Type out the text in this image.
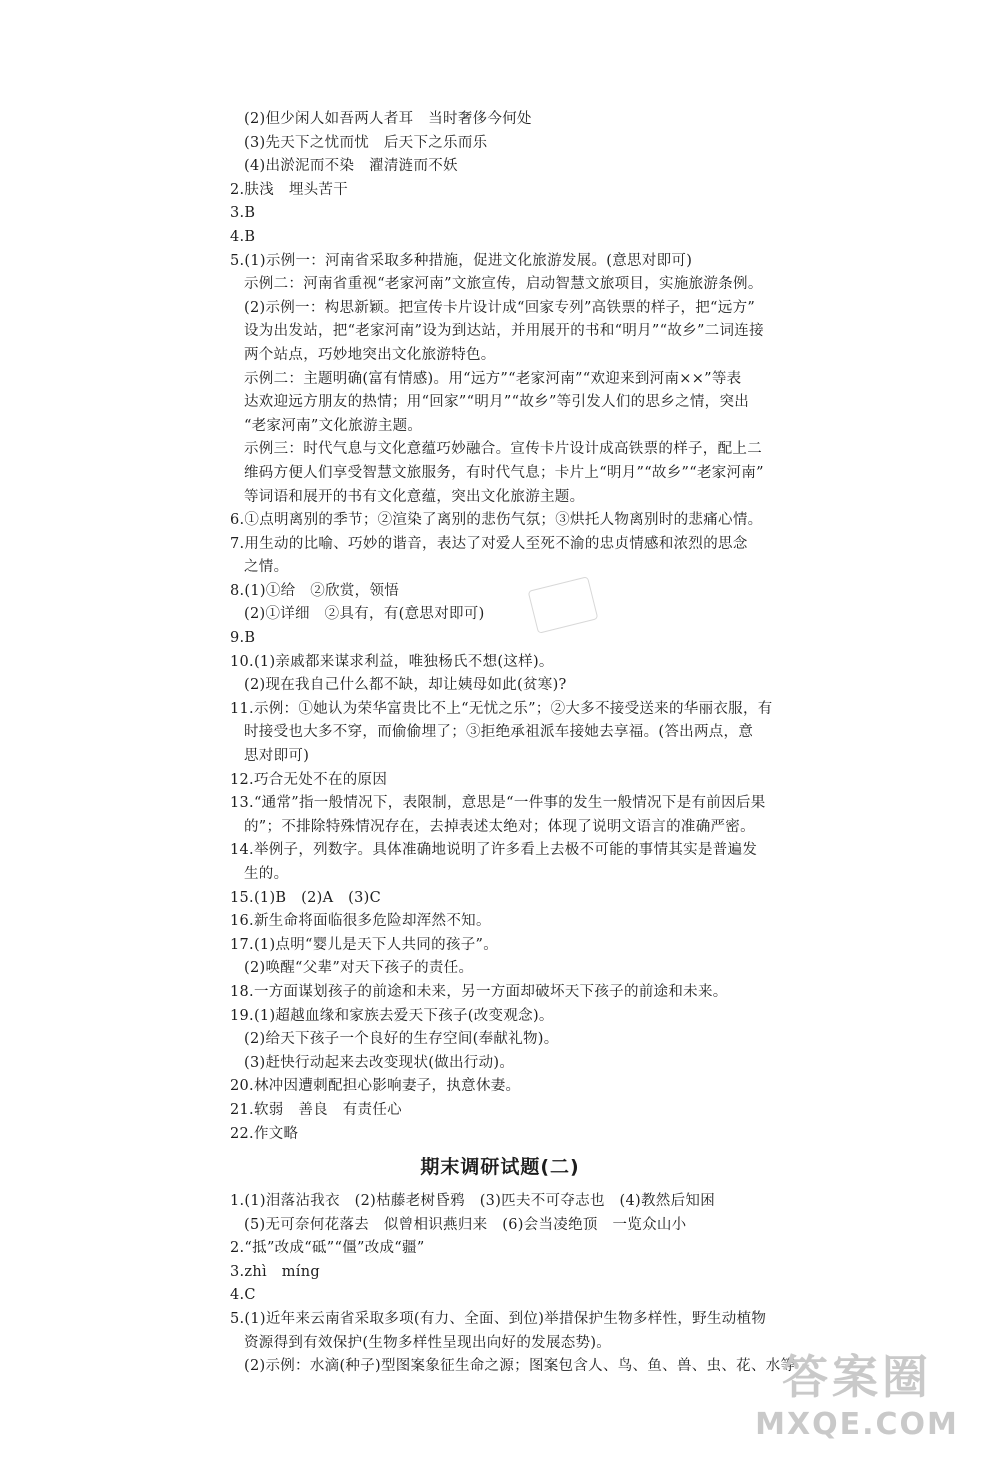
(2)但少闲人如吾两人者耳　当时奢侈今何处
(3)先天下之忧而忧　后天下之乐而乐
(4)出淤泥而不染　濯清涟而不妖
2.肤浅　埋头苦干
3.B
4.B
5.(1)示例一：河南省采取多种措施，促进文化旅游发展。(意思对即可)
示例二：河南省重视“老家河南”文旅宣传，启动智慧文旅项目，实施旅游条例。
(2)示例一：构思新颖。把宣传卡片设计成“回家专列”高铁票的样子，把“远方”
设为出发站，把“老家河南”设为到达站，并用展开的书和“明月”“故乡”二词连接
两个站点，巧妙地突出文化旅游特色。
示例二：主题明确(富有情感)。用“远方”“老家河南”“欢迎来到河南××”等表
达欢迎远方朋友的热情；用“回家”“明月”“故乡”等引发人们的思乡之情，突出
“老家河南”文化旅游主题。
示例三：时代气息与文化意蕴巧妙融合。宣传卡片设计成高铁票的样子，配上二
维码方便人们享受智慧文旅服务，有时代气息；卡片上“明月”“故乡”“老家河南”
等词语和展开的书有文化意蕴，突出文化旅游主题。
6.①点明离别的季节；②渲染了离别的悲伤气氛；③烘托人物离别时的悲痛心情。
7.用生动的比喻、巧妙的谐音，表达了对爱人至死不渝的忠贞情感和浓烈的思念
之情。
8.(1)①给　②欣赏，领悟
(2)①详细　②具有，有(意思对即可)
9.B
10.(1)亲戚都来谋求利益，唯独杨氏不想(这样)。
(2)现在我自己什么都不缺，却让姨母如此(贫寒)?
11.示例：①她认为荣华富贵比不上“无忧之乐”；②大多不接受送来的华丽衣服，有
时接受也大多不穿，而偷偷埋了；③拒绝承祖派车接她去享福。(答出两点，意
思对即可)
12.巧合无处不在的原因
13.“通常”指一般情况下，表限制，意思是“一件事的发生一般情况下是有前因后果
的”；不排除特殊情况存在，去掉表述太绝对；体现了说明文语言的准确严密。
14.举例子，列数字。具体准确地说明了许多看上去极不可能的事情其实是普遍发
生的。
15.(1)B　(2)A　(3)C
16.新生命将面临很多危险却浑然不知。
17.(1)点明“婴儿是天下人共同的孩子”。
(2)唤醒“父辈”对天下孩子的责任。
18.一方面谋划孩子的前途和未来，另一方面却破坏天下孩子的前途和未来。
19.(1)超越血缘和家族去爱天下孩子(改变观念)。
(2)给天下孩子一个良好的生存空间(奉献礼物)。
(3)赶快行动起来去改变现状(做出行动)。
20.林冲因遭刺配担心影响妻子，执意休妻。
21.软弱　善良　有责任心
22.作文略
期末调研试题(二)
1.(1)泪落沾我衣　(2)枯藤老树昏鸦　(3)匹夫不可夺志也　(4)教然后知困
(5)无可奈何花落去　似曾相识燕归来　(6)会当凌绝顶　一览众山小
2.“抵”改成“砥”“僵”改成“疆”
3.zhì　míng
4.C
5.(1)近年来云南省采取多项(有力、全面、到位)举措保护生物多样性，野生动植物
资源得到有效保护(生物多样性呈现出向好的发展态势)。
(2)示例：水滴(种子)型图案象征生命之源；图案包含人、鸟、鱼、兽、虫、花、水等
答案圈
MXQE.COM
